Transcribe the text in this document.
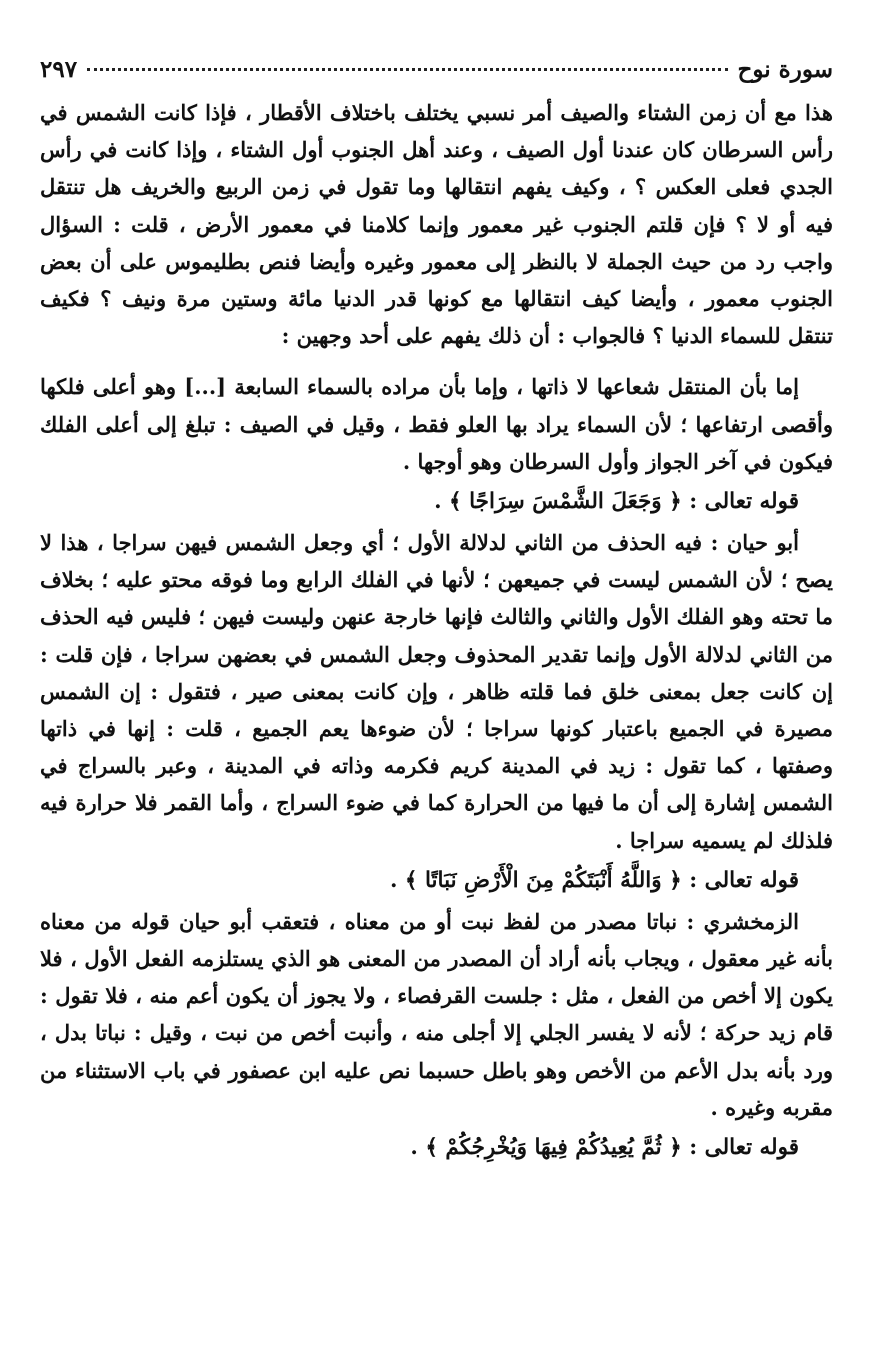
سورة نوح
٢٩٧

هذا مع أن زمن الشتاء والصيف أمر نسبي يختلف باختلاف الأقطار ، فإذا كانت الشمس في رأس السرطان كان عندنا أول الصيف ، وعند أهل الجنوب أول الشتاء ، وإذا كانت في رأس الجدي فعلى العكس ؟ ، وكيف يفهم انتقالها وما تقول في زمن الربيع والخريف هل تنتقل فيه أو لا ؟ فإن قلتم الجنوب غير معمور وإنما كلامنا في معمور الأرض ، قلت : السؤال واجب رد من حيث الجملة لا بالنظر إلى معمور وغيره وأيضا فنص بطليموس على أن بعض الجنوب معمور ، وأيضا كيف انتقالها مع كونها قدر الدنيا مائة وستين مرة ونيف ؟ فكيف تنتقل للسماء الدنيا ؟ فالجواب : أن ذلك يفهم على أحد وجهين :

إما بأن المنتقل شعاعها لا ذاتها ، وإما بأن مراده بالسماء السابعة [...] وهو أعلى فلكها وأقصى ارتفاعها ؛ لأن السماء يراد بها العلو فقط ، وقيل في الصيف : تبلغ إلى أعلى الفلك فيكون في آخر الجواز وأول السرطان وهو أوجها .

قوله تعالى : ﴿ وَجَعَلَ الشَّمْسَ سِرَاجًا ﴾ .

أبو حيان : فيه الحذف من الثاني لدلالة الأول ؛ أي وجعل الشمس فيهن سراجا ، هذا لا يصح ؛ لأن الشمس ليست في جميعهن ؛ لأنها في الفلك الرابع وما فوقه محتو عليه ؛ بخلاف ما تحته وهو الفلك الأول والثاني والثالث فإنها خارجة عنهن وليست فيهن ؛ فليس فيه الحذف من الثاني لدلالة الأول وإنما تقدير المحذوف وجعل الشمس في بعضهن سراجا ، فإن قلت : إن كانت جعل بمعنى خلق فما قلته ظاهر ، وإن كانت بمعنى صير ، فتقول : إن الشمس مصيرة في الجميع باعتبار كونها سراجا ؛ لأن ضوءها يعم الجميع ، قلت : إنها في ذاتها وصفتها ، كما تقول : زيد في المدينة كريم فكرمه وذاته في المدينة ، وعبر بالسراج في الشمس إشارة إلى أن ما فيها من الحرارة كما في ضوء السراج ، وأما القمر فلا حرارة فيه فلذلك لم يسميه سراجا .

قوله تعالى : ﴿ وَاللَّهُ أَنْبَتَكُمْ مِنَ الْأَرْضِ نَبَاتًا ﴾ .

الزمخشري : نباتا مصدر من لفظ نبت أو من معناه ، فتعقب أبو حيان قوله من معناه بأنه غير معقول ، ويجاب بأنه أراد أن المصدر من المعنى هو الذي يستلزمه الفعل الأول ، فلا يكون إلا أخص من الفعل ، مثل : جلست القرفصاء ، ولا يجوز أن يكون أعم منه ، فلا تقول : قام زيد حركة ؛ لأنه لا يفسر الجلي إلا أجلى منه ، وأنبت أخص من نبت ، وقيل : نباتا بدل ، ورد بأنه بدل الأعم من الأخص وهو باطل حسبما نص عليه ابن عصفور في باب الاستثناء من مقربه وغيره .

قوله تعالى : ﴿ ثُمَّ يُعِيدُكُمْ فِيهَا وَيُخْرِجُكُمْ ﴾ .
